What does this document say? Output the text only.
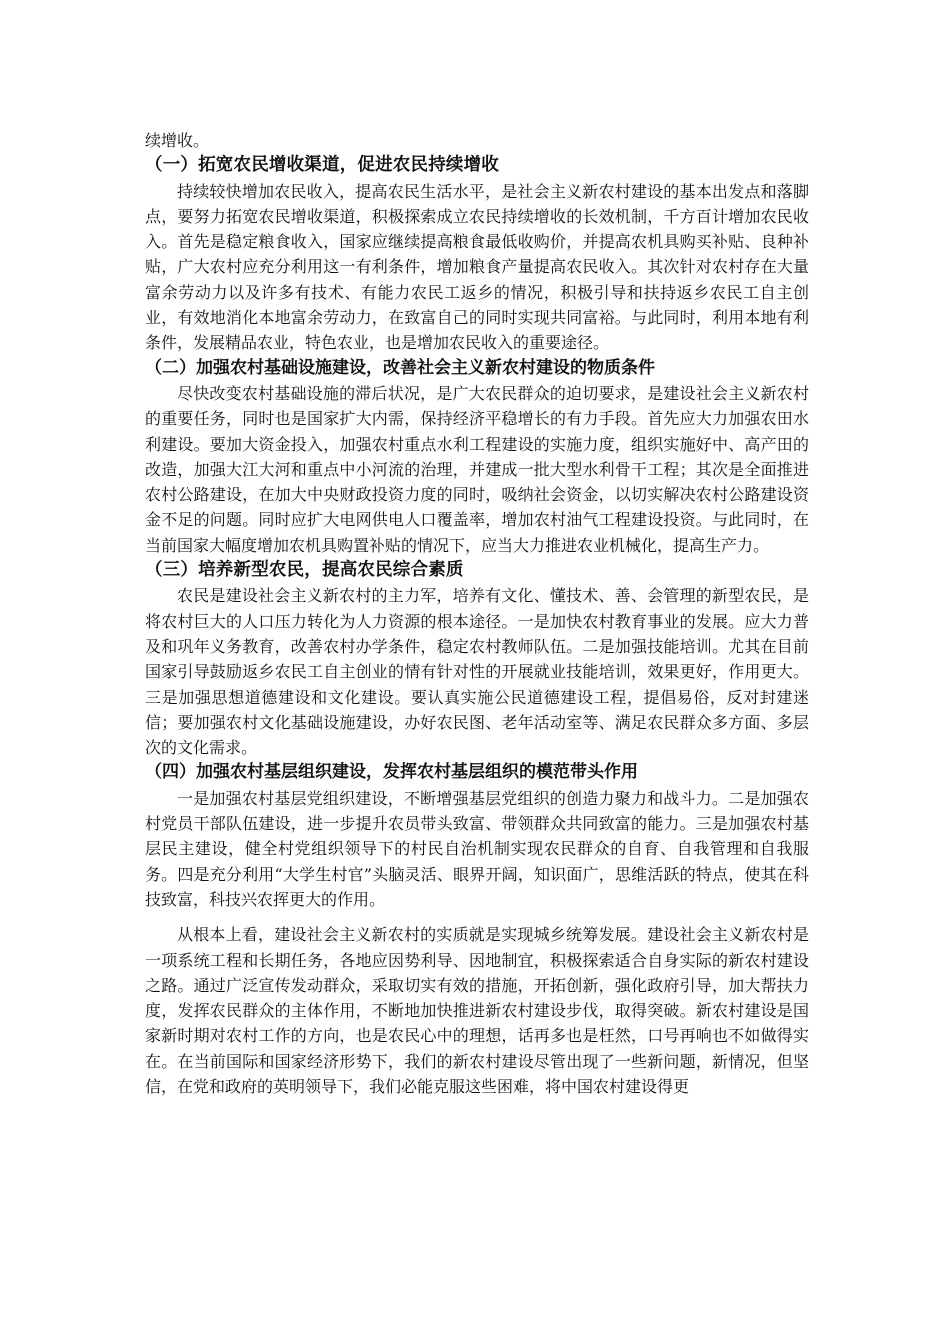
续增收。

（一）拓宽农民增收渠道，促进农民持续增收

持续较快增加农民收入，提高农民生活水平，是社会主义新农村建设的基本出发点和落脚点，要努力拓宽农民增收渠道，积极探索成立农民持续增收的长效机制，千方百计增加农民收入。首先是稳定粮食收入，国家应继续提高粮食最低收购价，并提高农机具购买补贴、良种补贴，广大农村应充分利用这一有利条件，增加粮食产量提高农民收入。其次针对农村存在大量富余劳动力以及许多有技术、有能力农民工返乡的情况，积极引导和扶持返乡农民工自主创业，有效地消化本地富余劳动力，在致富自己的同时实现共同富裕。与此同时，利用本地有利条件，发展精品农业，特色农业，也是增加农民收入的重要途径。

（二）加强农村基础设施建设，改善社会主义新农村建设的物质条件

尽快改变农村基础设施的滞后状况，是广大农民群众的迫切要求，是建设社会主义新农村的重要任务，同时也是国家扩大内需，保持经济平稳增长的有力手段。首先应大力加强农田水利建设。要加大资金投入，加强农村重点水利工程建设的实施力度，组织实施好中、高产田的改造，加强大江大河和重点中小河流的治理，并建成一批大型水利骨干工程；其次是全面推进农村公路建设，在加大中央财政投资力度的同时，吸纳社会资金，以切实解决农村公路建设资金不足的问题。同时应扩大电网供电人口覆盖率，增加农村油气工程建设投资。与此同时，在当前国家大幅度增加农机具购置补贴的情况下，应当大力推进农业机械化，提高生产力。

（三）培养新型农民，提高农民综合素质

农民是建设社会主义新农村的主力军，培养有文化、懂技术、善、会管理的新型农民，是将农村巨大的人口压力转化为人力资源的根本途径。一是加快农村教育事业的发展。应大力普及和巩年义务教育，改善农村办学条件，稳定农村教师队伍。二是加强技能培训。尤其在目前国家引导鼓励返乡农民工自主创业的情有针对性的开展就业技能培训，效果更好，作用更大。三是加强思想道德建设和文化建设。要认真实施公民道德建设工程，提倡易俗，反对封建迷信；要加强农村文化基础设施建设，办好农民图、老年活动室等、满足农民群众多方面、多层次的文化需求。

（四）加强农村基层组织建设，发挥农村基层组织的模范带头作用

一是加强农村基层党组织建设，不断增强基层党组织的创造力聚力和战斗力。二是加强农村党员干部队伍建设，进一步提升农员带头致富、带领群众共同致富的能力。三是加强农村基层民主建设，健全村党组织领导下的村民自治机制实现农民群众的自育、自我管理和自我服务。四是充分利用“大学生村官”头脑灵活、眼界开阔，知识面广，思维活跃的特点，使其在科技致富，科技兴农挥更大的作用。

从根本上看，建设社会主义新农村的实质就是实现城乡统筹发展。建设社会主义新农村是一项系统工程和长期任务，各地应因势利导、因地制宜，积极探索适合自身实际的新农村建设之路。通过广泛宣传发动群众，采取切实有效的措施，开拓创新，强化政府引导，加大帮扶力度，发挥农民群众的主体作用，不断地加快推进新农村建设步伐，取得突破。新农村建设是国家新时期对农村工作的方向，也是农民心中的理想，话再多也是枉然，口号再响也不如做得实在。在当前国际和国家经济形势下，我们的新农村建设尽管出现了一些新问题，新情况，但坚信，在党和政府的英明领导下，我们必能克服这些困难，将中国农村建设得更
